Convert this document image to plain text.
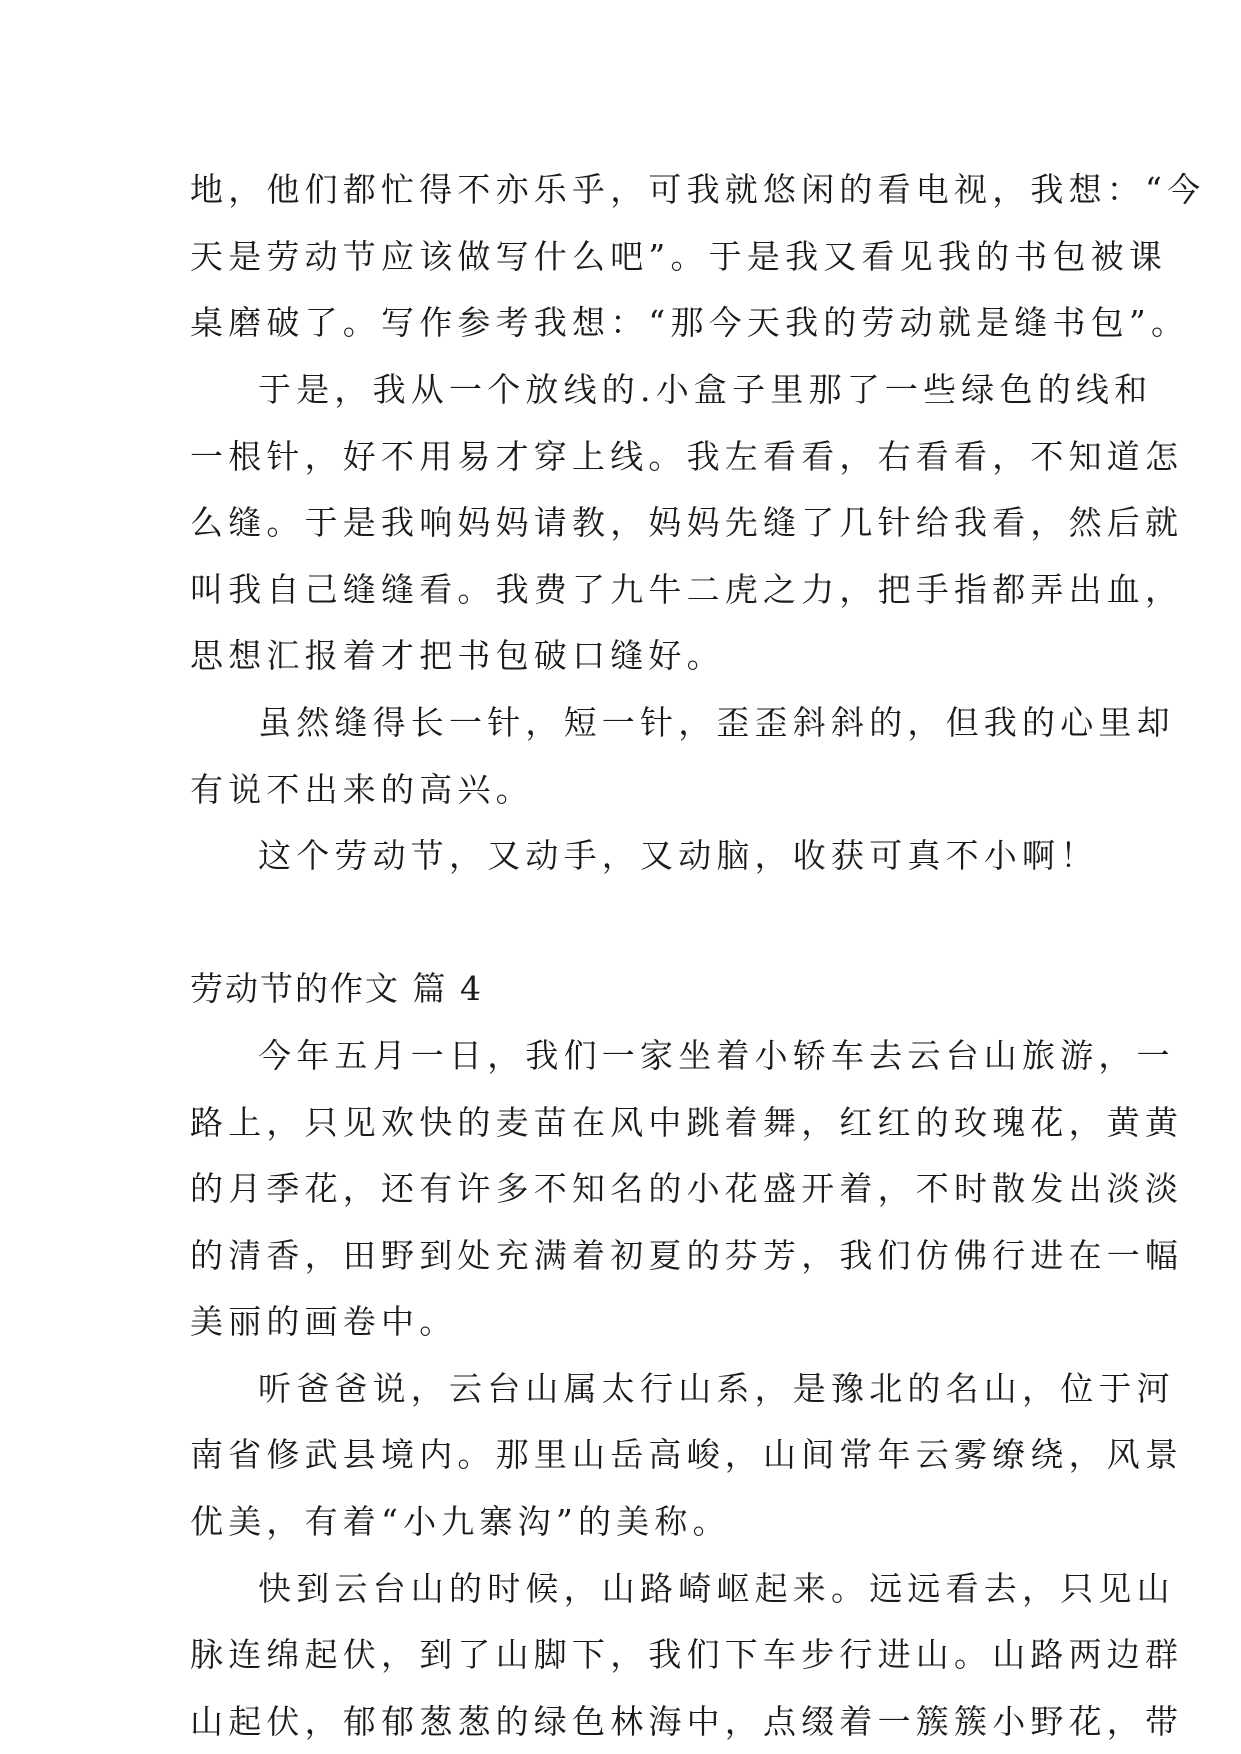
地，他们都忙得不亦乐乎，可我就悠闲的看电视，我想：“今
天是劳动节应该做写什么吧”。于是我又看见我的书包被课
桌磨破了。写作参考我想：“那今天我的劳动就是缝书包”。
于是，我从一个放线的.小盒子里那了一些绿色的线和
一根针，好不用易才穿上线。我左看看，右看看，不知道怎
么缝。于是我响妈妈请教，妈妈先缝了几针给我看，然后就
叫我自己缝缝看。我费了九牛二虎之力，把手指都弄出血，
思想汇报着才把书包破口缝好。
虽然缝得长一针，短一针，歪歪斜斜的，但我的心里却
有说不出来的高兴。
这个劳动节，又动手，又动脑，收获可真不小啊！
劳动节的作文 篇 4
今年五月一日，我们一家坐着小轿车去云台山旅游，一
路上，只见欢快的麦苗在风中跳着舞，红红的玫瑰花，黄黄
的月季花，还有许多不知名的小花盛开着，不时散发出淡淡
的清香，田野到处充满着初夏的芬芳，我们仿佛行进在一幅
美丽的画卷中。
听爸爸说，云台山属太行山系，是豫北的名山，位于河
南省修武县境内。那里山岳高峻，山间常年云雾缭绕，风景
优美，有着“小九寨沟”的美称。
快到云台山的时候，山路崎岖起来。远远看去，只见山
脉连绵起伏，到了山脚下，我们下车步行进山。山路两边群
山起伏，郁郁葱葱的绿色林海中，点缀着一簇簇小野花，带
